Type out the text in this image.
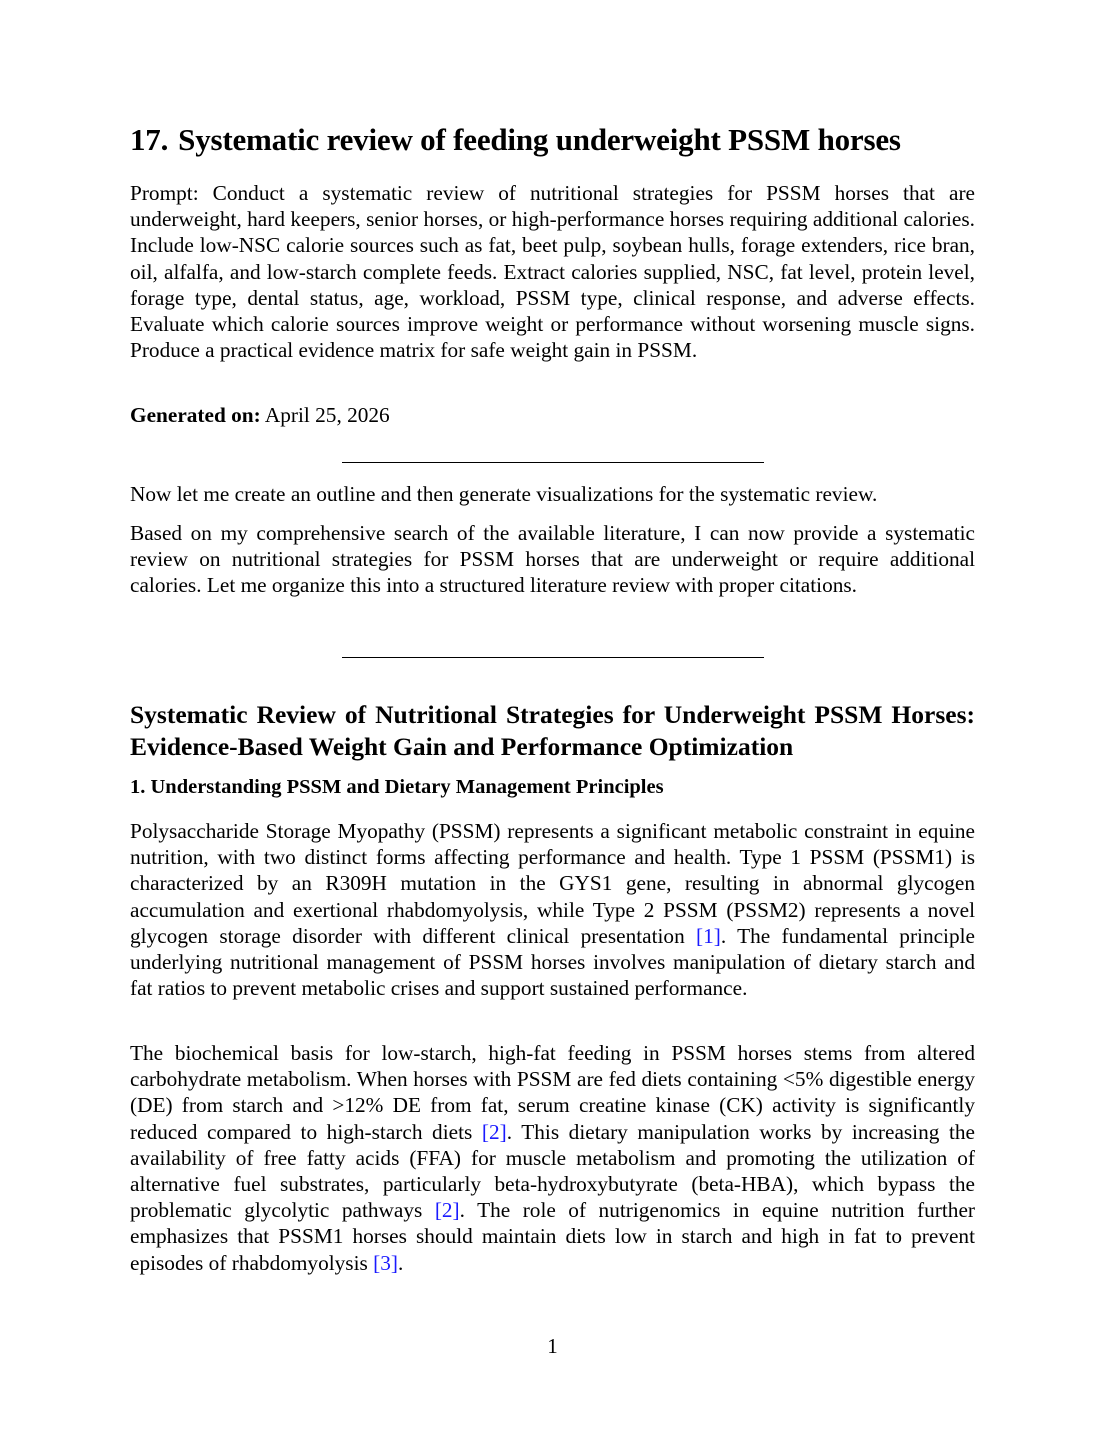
17. Systematic review of feeding underweight PSSM horses

Prompt: Conduct a systematic review of nutritional strategies for PSSM horses that are underweight, hard keepers, senior horses, or high-performance horses requiring additional calories. Include low-NSC calorie sources such as fat, beet pulp, soybean hulls, forage extenders, rice bran, oil, alfalfa, and low-starch complete feeds. Extract calories supplied, NSC, fat level, protein level, forage type, dental status, age, workload, PSSM type, clinical response, and adverse effects. Evaluate which calorie sources improve weight or performance without worsening muscle signs. Produce a practical evidence matrix for safe weight gain in PSSM.

Generated on: April 25, 2026

Now let me create an outline and then generate visualizations for the systematic review.

Based on my comprehensive search of the available literature, I can now provide a systematic review on nutritional strategies for PSSM horses that are underweight or require additional calories. Let me organize this into a structured literature review with proper citations.

Systematic Review of Nutritional Strategies for Underweight PSSM Horses: Evidence-Based Weight Gain and Performance Optimization
1. Understanding PSSM and Dietary Management Principles

Polysaccharide Storage Myopathy (PSSM) represents a significant metabolic constraint in equine nutrition, with two distinct forms affecting performance and health. Type 1 PSSM (PSSM1) is characterized by an R309H mutation in the GYS1 gene, resulting in abnormal glycogen accumulation and exertional rhabdomyolysis, while Type 2 PSSM (PSSM2) represents a novel glycogen storage disorder with different clinical presentation [1]. The fundamental principle underlying nutritional management of PSSM horses involves manipulation of dietary starch and fat ratios to prevent metabolic crises and support sustained performance.

The biochemical basis for low-starch, high-fat feeding in PSSM horses stems from altered carbohydrate metabolism. When horses with PSSM are fed diets containing <5% digestible energy (DE) from starch and >12% DE from fat, serum creatine kinase (CK) activity is significantly reduced compared to high-starch diets [2]. This dietary manipulation works by increasing the availability of free fatty acids (FFA) for muscle metabolism and promoting the utilization of alternative fuel substrates, particularly beta-hydroxybutyrate (beta-HBA), which bypass the problematic glycolytic pathways [2]. The role of nutrigenomics in equine nutrition further emphasizes that PSSM1 horses should maintain diets low in starch and high in fat to prevent episodes of rhabdomyolysis [3].

1
